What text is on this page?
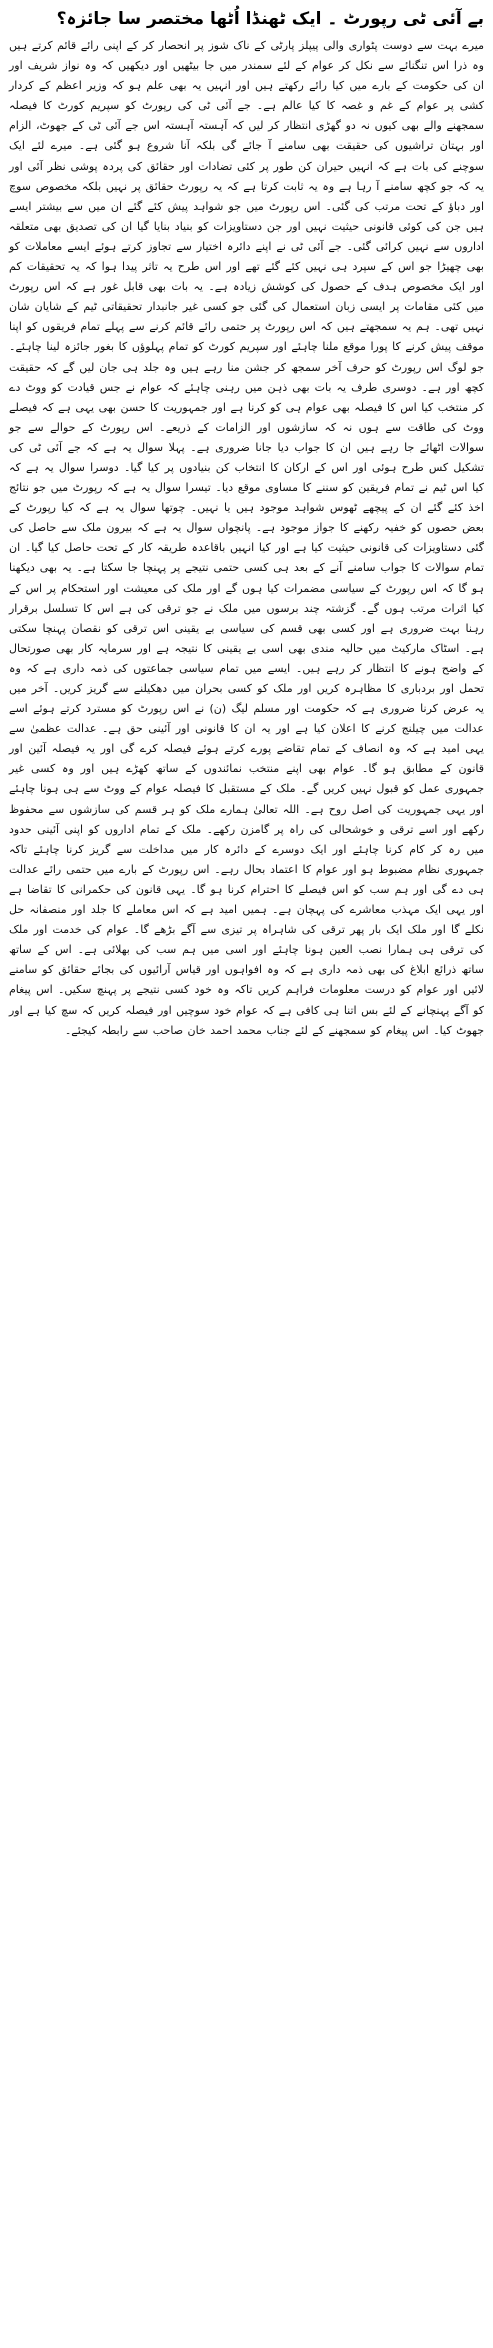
بے آئی ٹی رپورٹ ۔ ایک ٹھنڈا اُٹھا مختصر سا جائزہ؟

میرے بہت سے دوست پٹواری والی پیپلز پارٹی کے ناک شوز پر انحصار کر کے اپنی رائے قائم کرتے ہیں وہ ذرا اس تنگنائے سے نکل کر عوام کے لئے سمندر میں جا بیٹھیں اور دیکھیں کہ وہ نواز شریف اور ان کی حکومت کے بارے میں کیا رائے رکھتے ہیں اور انہیں یہ بھی علم ہو کہ وزیر اعظم کے کردار کشی پر عوام کے غم و غصہ کا کیا عالم ہے۔ جے آئی ٹی کی رپورٹ کو سپریم کورٹ کا فیصلہ سمجھنے والے بھی کیوں نہ دو گھڑی انتظار کر لیں کہ آہستہ آہستہ اس جے آئی ٹی کے جھوٹ، الزام اور بہتان تراشیوں کی حقیقت بھی سامنے آ جائے گی بلکہ آنا شروع ہو گئی ہے۔ میرے لئے ایک سوچنے کی بات ہے کہ انہیں حیران کن طور پر کئی تضادات اور حقائق کی پردہ پوشی نظر آئی اور یہ کہ جو کچھ سامنے آ رہا ہے وہ یہ ثابت کرتا ہے کہ یہ رپورٹ حقائق پر نہیں بلکہ مخصوص سوچ اور دباؤ کے تحت مرتب کی گئی۔ اس رپورٹ میں جو شواہد پیش کئے گئے ان میں سے بیشتر ایسے ہیں جن کی کوئی قانونی حیثیت نہیں اور جن دستاویزات کو بنیاد بنایا گیا ان کی تصدیق بھی متعلقہ اداروں سے نہیں کرائی گئی۔ جے آئی ٹی نے اپنے دائرہ اختیار سے تجاوز کرتے ہوئے ایسے معاملات کو بھی چھیڑا جو اس کے سپرد ہی نہیں کئے گئے تھے اور اس طرح یہ تاثر پیدا ہوا کہ یہ تحقیقات کم اور ایک مخصوص ہدف کے حصول کی کوشش زیادہ ہے۔ یہ بات بھی قابل غور ہے کہ اس رپورٹ میں کئی مقامات پر ایسی زبان استعمال کی گئی جو کسی غیر جانبدار تحقیقاتی ٹیم کے شایان شان نہیں تھی۔ ہم یہ سمجھتے ہیں کہ اس رپورٹ پر حتمی رائے قائم کرنے سے پہلے تمام فریقوں کو اپنا موقف پیش کرنے کا پورا موقع ملنا چاہئے اور سپریم کورٹ کو تمام پہلوؤں کا بغور جائزہ لینا چاہئے۔ جو لوگ اس رپورٹ کو حرف آخر سمجھ کر جشن منا رہے ہیں وہ جلد ہی جان لیں گے کہ حقیقت کچھ اور ہے۔ دوسری طرف یہ بات بھی ذہن میں رہنی چاہئے کہ عوام نے جس قیادت کو ووٹ دے کر منتخب کیا اس کا فیصلہ بھی عوام ہی کو کرنا ہے اور جمہوریت کا حسن بھی یہی ہے کہ فیصلے ووٹ کی طاقت سے ہوں نہ کہ سازشوں اور الزامات کے ذریعے۔ اس رپورٹ کے حوالے سے جو سوالات اٹھائے جا رہے ہیں ان کا جواب دیا جانا ضروری ہے۔ پہلا سوال یہ ہے کہ جے آئی ٹی کی تشکیل کس طرح ہوئی اور اس کے ارکان کا انتخاب کن بنیادوں پر کیا گیا۔ دوسرا سوال یہ ہے کہ کیا اس ٹیم نے تمام فریقین کو سننے کا مساوی موقع دیا۔ تیسرا سوال یہ ہے کہ رپورٹ میں جو نتائج اخذ کئے گئے ان کے پیچھے ٹھوس شواہد موجود ہیں یا نہیں۔ چوتھا سوال یہ ہے کہ کیا رپورٹ کے بعض حصوں کو خفیہ رکھنے کا جواز موجود ہے۔ پانچواں سوال یہ ہے کہ بیرون ملک سے حاصل کی گئی دستاویزات کی قانونی حیثیت کیا ہے اور کیا انہیں باقاعدہ طریقہ کار کے تحت حاصل کیا گیا۔ ان تمام سوالات کا جواب سامنے آنے کے بعد ہی کسی حتمی نتیجے پر پہنچا جا سکتا ہے۔ یہ بھی دیکھنا ہو گا کہ اس رپورٹ کے سیاسی مضمرات کیا ہوں گے اور ملک کی معیشت اور استحکام پر اس کے کیا اثرات مرتب ہوں گے۔ گزشتہ چند برسوں میں ملک نے جو ترقی کی ہے اس کا تسلسل برقرار رہنا بہت ضروری ہے اور کسی بھی قسم کی سیاسی بے یقینی اس ترقی کو نقصان پہنچا سکتی ہے۔ اسٹاک مارکیٹ میں حالیہ مندی بھی اسی بے یقینی کا نتیجہ ہے اور سرمایہ کار بھی صورتحال کے واضح ہونے کا انتظار کر رہے ہیں۔ ایسے میں تمام سیاسی جماعتوں کی ذمہ داری ہے کہ وہ تحمل اور بردباری کا مظاہرہ کریں اور ملک کو کسی بحران میں دھکیلنے سے گریز کریں۔ آخر میں یہ عرض کرنا ضروری ہے کہ حکومت اور مسلم لیگ (ن) نے اس رپورٹ کو مسترد کرتے ہوئے اسے عدالت میں چیلنج کرنے کا اعلان کیا ہے اور یہ ان کا قانونی اور آئینی حق ہے۔ عدالت عظمیٰ سے یہی امید ہے کہ وہ انصاف کے تمام تقاضے پورے کرتے ہوئے فیصلہ کرے گی اور یہ فیصلہ آئین اور قانون کے مطابق ہو گا۔ عوام بھی اپنے منتخب نمائندوں کے ساتھ کھڑے ہیں اور وہ کسی غیر جمہوری عمل کو قبول نہیں کریں گے۔ ملک کے مستقبل کا فیصلہ عوام کے ووٹ سے ہی ہونا چاہئے اور یہی جمہوریت کی اصل روح ہے۔ اللہ تعالیٰ ہمارے ملک کو ہر قسم کی سازشوں سے محفوظ رکھے اور اسے ترقی و خوشحالی کی راہ پر گامزن رکھے۔ ملک کے تمام اداروں کو اپنی آئینی حدود میں رہ کر کام کرنا چاہئے اور ایک دوسرے کے دائرہ کار میں مداخلت سے گریز کرنا چاہئے تاکہ جمہوری نظام مضبوط ہو اور عوام کا اعتماد بحال رہے۔ اس رپورٹ کے بارے میں حتمی رائے عدالت ہی دے گی اور ہم سب کو اس فیصلے کا احترام کرنا ہو گا۔ یہی قانون کی حکمرانی کا تقاضا ہے اور یہی ایک مہذب معاشرے کی پہچان ہے۔ ہمیں امید ہے کہ اس معاملے کا جلد اور منصفانہ حل نکلے گا اور ملک ایک بار پھر ترقی کی شاہراہ پر تیزی سے آگے بڑھے گا۔ عوام کی خدمت اور ملک کی ترقی ہی ہمارا نصب العین ہونا چاہئے اور اسی میں ہم سب کی بھلائی ہے۔ اس کے ساتھ ساتھ ذرائع ابلاغ کی بھی ذمہ داری ہے کہ وہ افواہوں اور قیاس آرائیوں کی بجائے حقائق کو سامنے لائیں اور عوام کو درست معلومات فراہم کریں تاکہ وہ خود کسی نتیجے پر پہنچ سکیں۔ اس پیغام کو آگے پہنچانے کے لئے بس اتنا ہی کافی ہے کہ عوام خود سوچیں اور فیصلہ کریں کہ سچ کیا ہے اور جھوٹ کیا۔ اس پیغام کو سمجھنے کے لئے جناب محمد احمد خان صاحب سے رابطہ کیجئے۔
